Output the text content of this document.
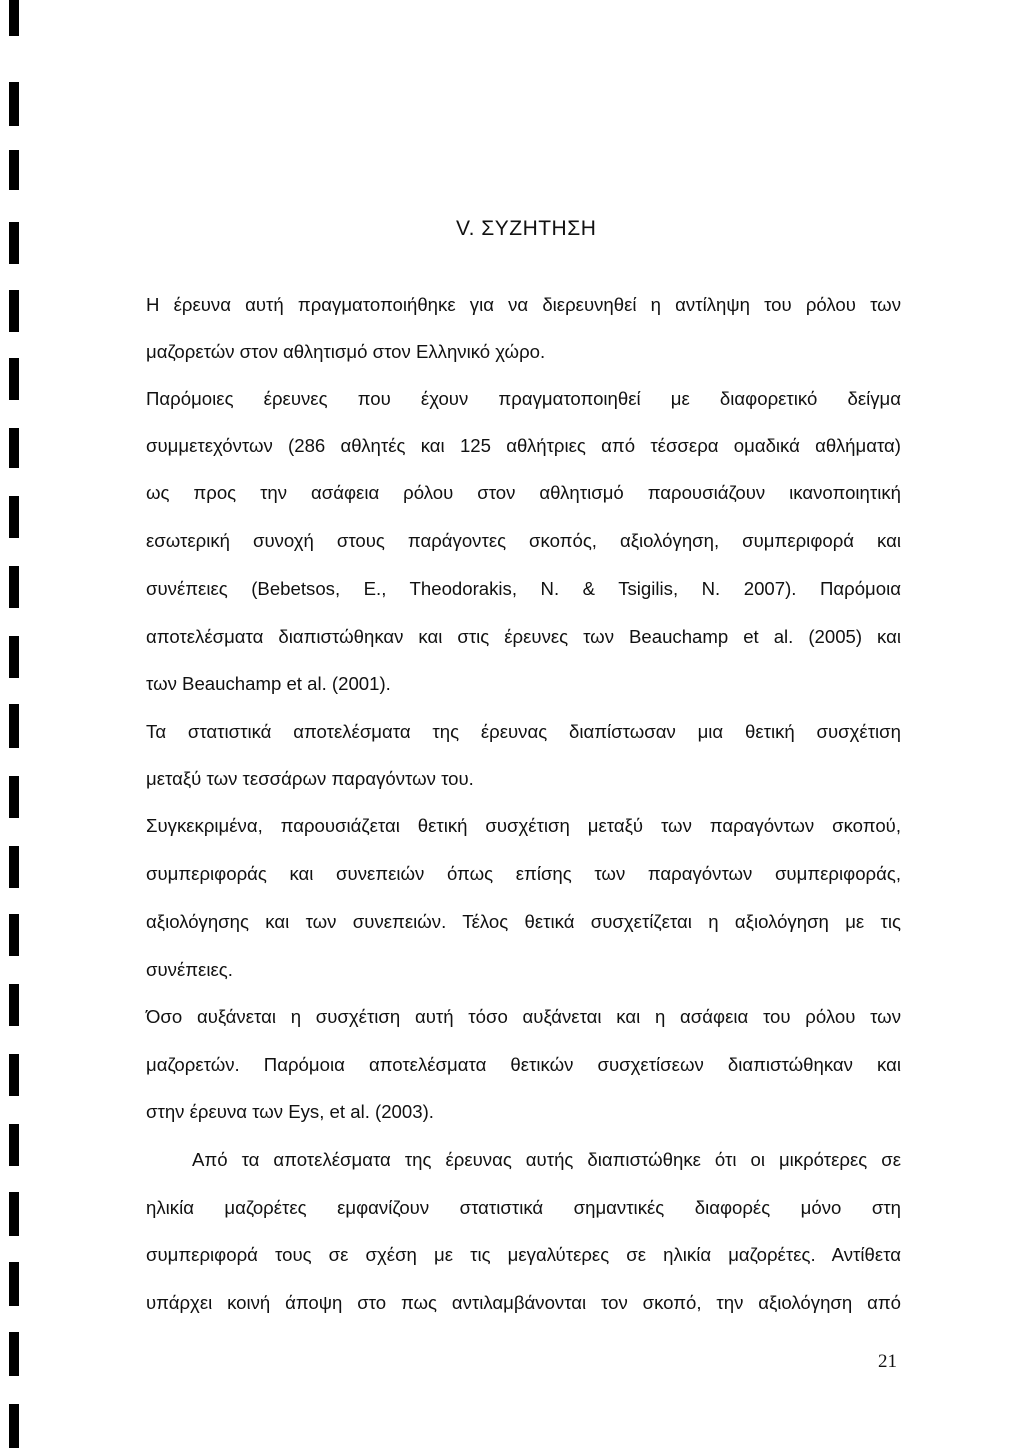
V. ΣΥΖΗΤΗΣΗ
Η έρευνα αυτή πραγματοποιήθηκε για να διερευνηθεί η αντίληψη του ρόλου των
μαζορετών στον αθλητισμό στον Ελληνικό χώρο.
Παρόμοιες έρευνες που έχουν πραγματοποιηθεί με διαφορετικό δείγμα
συμμετεχόντων (286 αθλητές και 125 αθλήτριες από τέσσερα ομαδικά αθλήματα)
ως προς την ασάφεια ρόλου στον αθλητισμό παρουσιάζουν ικανοποιητική
εσωτερική συνοχή στους παράγοντες σκοπός, αξιολόγηση, συμπεριφορά και
συνέπειες (Bebetsos, E., Theodorakis, N. & Tsigilis, N. 2007). Παρόμοια
αποτελέσματα διαπιστώθηκαν και στις έρευνες των Beauchamp et al. (2005) και
των Beauchamp et al. (2001).
Τα στατιστικά αποτελέσματα της έρευνας διαπίστωσαν μια θετική συσχέτιση
μεταξύ των τεσσάρων παραγόντων του.
Συγκεκριμένα, παρουσιάζεται θετική συσχέτιση μεταξύ των παραγόντων σκοπού,
συμπεριφοράς και συνεπειών όπως επίσης των παραγόντων συμπεριφοράς,
αξιολόγησης και των συνεπειών. Τέλος θετικά συσχετίζεται η αξιολόγηση με τις
συνέπειες.
Όσο αυξάνεται η συσχέτιση αυτή τόσο αυξάνεται και η ασάφεια του ρόλου των
μαζορετών. Παρόμοια αποτελέσματα θετικών συσχετίσεων διαπιστώθηκαν και
στην έρευνα των Eys, et al. (2003).
Από τα αποτελέσματα της έρευνας αυτής διαπιστώθηκε ότι οι μικρότερες σε
ηλικία μαζορέτες εμφανίζουν στατιστικά σημαντικές διαφορές μόνο στη
συμπεριφορά τους σε σχέση με τις μεγαλύτερες σε ηλικία μαζορέτες. Αντίθετα
υπάρχει κοινή άποψη στο πως αντιλαμβάνονται τον σκοπό, την αξιολόγηση από
21
